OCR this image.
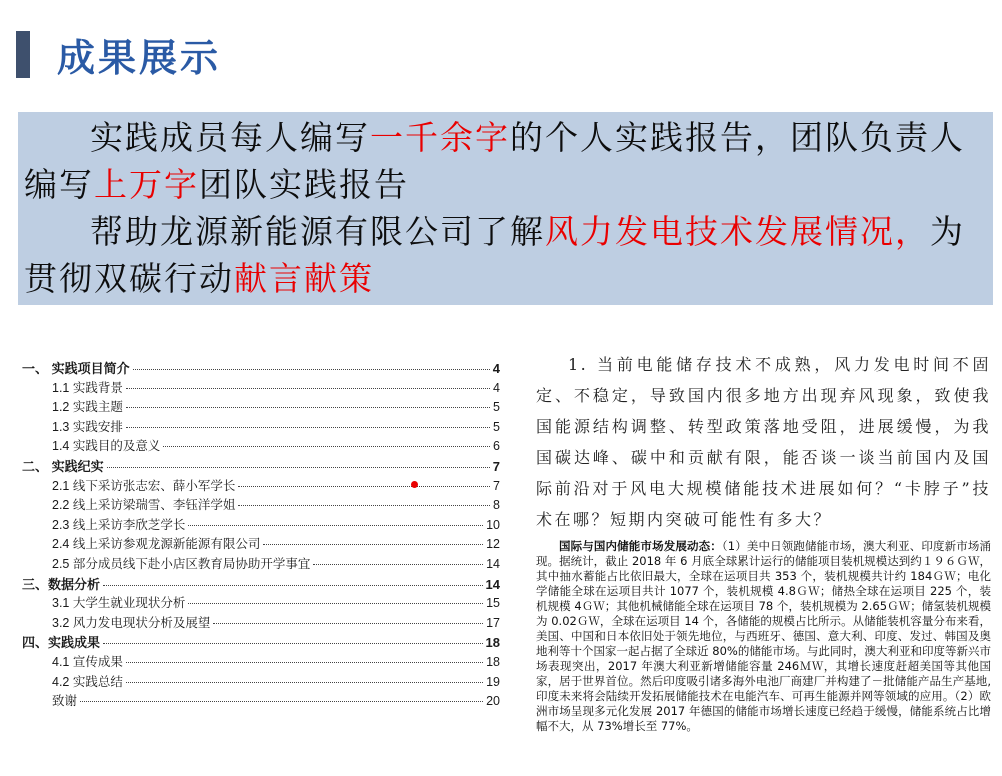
成果展示

实践成员每人编写一千余字的个人实践报告，团队负责人编写上万字团队实践报告

帮助龙源新能源有限公司了解风力发电技术发展情况，为贯彻双碳行动献言献策

一、 实践项目简介	4
1.1 实践背景	4
1.2 实践主题	5
1.3 实践安排	5
1.4 实践目的及意义	6
二、 实践纪实	7
2.1 线下采访张志宏、薛小军学长	7
2.2 线上采访梁瑞雪、李钰洋学姐	8
2.3 线上采访李欣芝学长	10
2.4 线上采访参观龙源新能源有限公司	12
2.5 部分成员线下赴小店区教育局协助开学事宜	14
三、数据分析	14
3.1 大学生就业现状分析	15
3.2 风力发电现状分析及展望	17
四、实践成果	18
4.1 宣传成果	18
4.2 实践总结	19
致谢	20

1. 当前电能储存技术不成熟，风力发电时间不固定、不稳定，导致国内很多地方出现弃风现象，致使我国能源结构调整、转型政策落地受阻，进展缓慢，为我国碳达峰、碳中和贡献有限，能否谈一谈当前国内及国际前沿对于风电大规模储能技术进展如何？“卡脖子”技术在哪？短期内突破可能性有多大？

国际与国内储能市场发展动态：（1）美中日领跑储能市场，澳大利亚、印度新市场涌现。据统计，截止 2018 年 6 月底全球累计运行的储能项目装机规模达到约１９６ＧＷ，其中抽水蓄能占比依旧最大，全球在运项目共 353 个，装机规模共计约 184ＧＷ；电化学储能全球在运项目共计 1077 个，装机规模 4.8ＧＷ；储热全球在运项目 225 个，装机规模 4ＧＷ；其他机械储能全球在运项目 78 个，装机规模为 2.65ＧＷ；储氢装机规模为 0.02ＧＷ，全球在运项目 14 个，各储能的规模占比所示。从储能装机容量分布来看，美国、中国和日本依旧处于领先地位，与西班牙、德国、意大利、印度、发过、韩国及奥地利等十个国家一起占据了全球近 80%的储能市场。与此同时，澳大利亚和印度等新兴市场表现突出，2017 年澳大利亚新增储能容量 246ＭＷ，其增长速度赶超美国等其他国家，居于世界首位。然后印度吸引诸多海外电池厂商建厂并构建了－批储能产品生产基地,印度未来将会陆续开发拓展储能技术在电能汽车、可再生能源并网等领域的应用。（2）欧洲市场呈现多元化发展 2017 年德国的储能市场增长速度已经趋于缓慢，储能系统占比增幅不大，从 73%增长至 77%。
